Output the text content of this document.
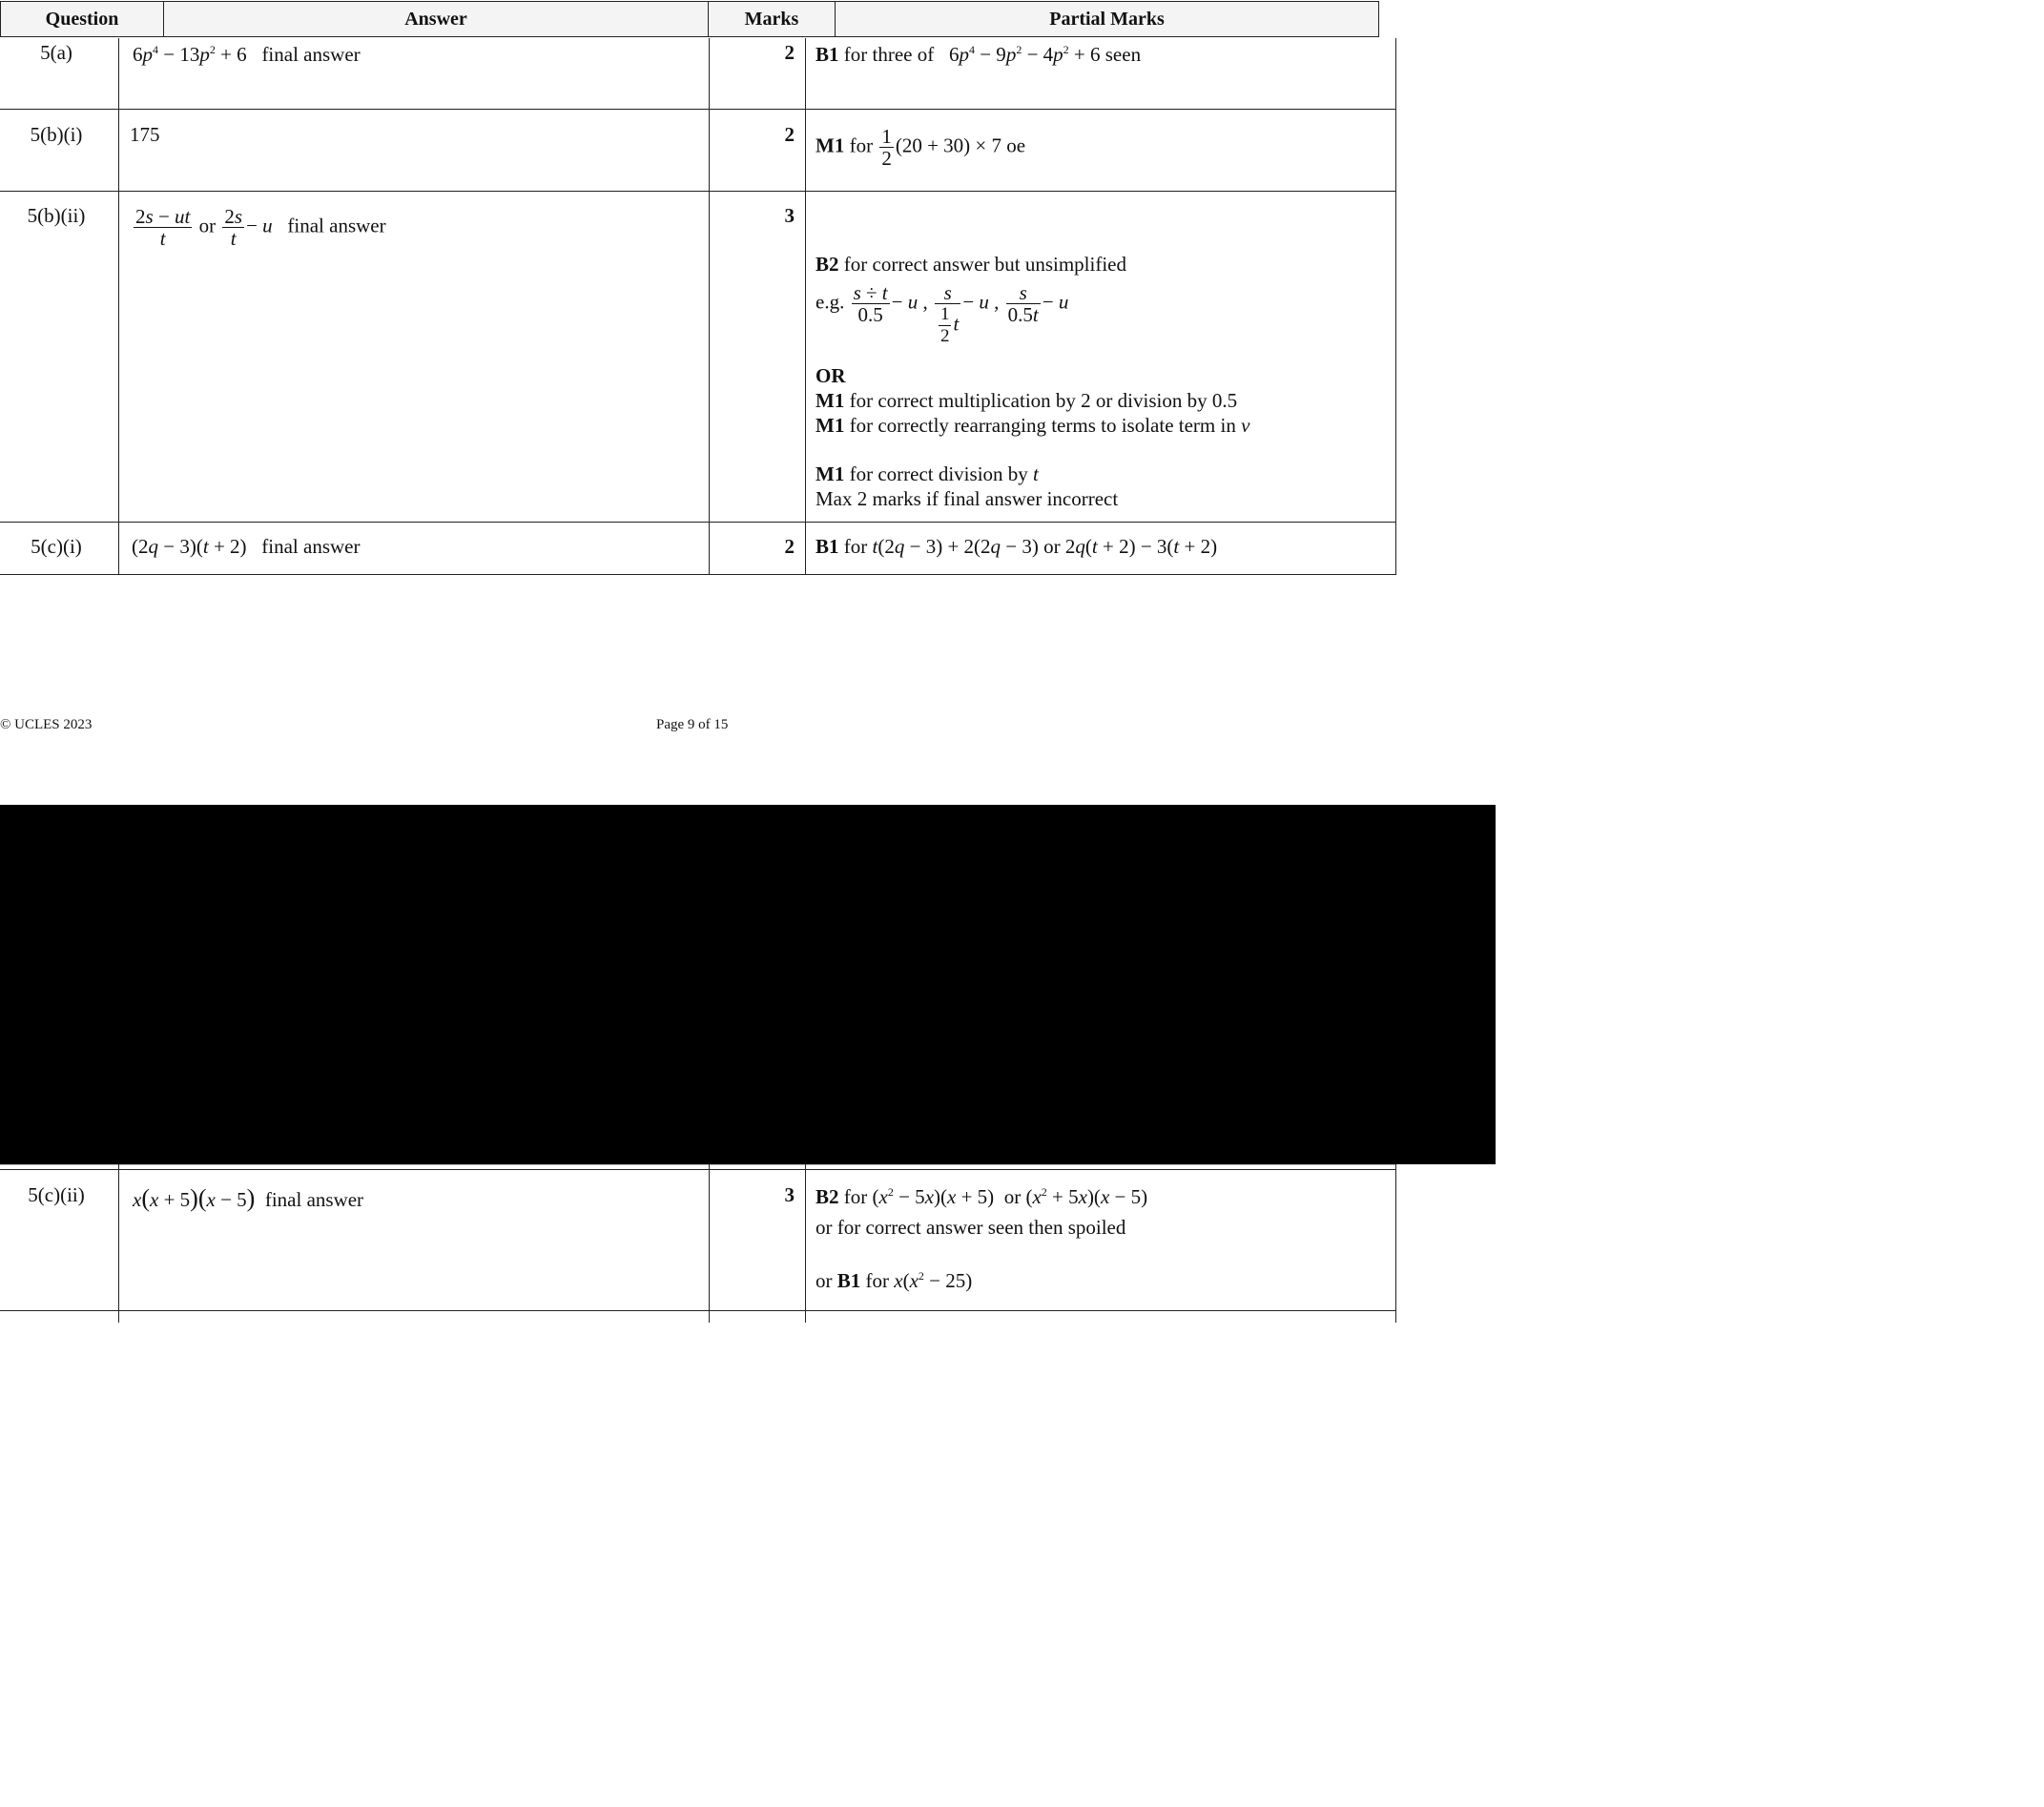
Question	Answer	Marks	Partial Marks
5(a)	$6p^4 - 13p^2 + 6$ final answer	2 B1 for three of $6p^4 - 9p^2 - 4p^2 + 6$ seen
5(b)(i)	175	2 M1 for $\frac{1}{2} (20 + 30) \times 7$ oe
5(b)(ii)	$\frac{2s - ut}{t}$ or $\frac{2s}{t} - u$ final answer	3
B2 for correct answer but unsimplified
e.g. $\frac{s \div t}{0.5} - u$ , $\frac{s}{\frac{1}{2} t} - u$ , $\frac{s}{0.5t} - u$
OR
M1 for correct multiplication by 2 or division by 0.5
M1 for correctly rearranging terms to isolate term in v
M1 for correct division by t
Max 2 marks if final answer incorrect
5(c)(i)	(2q − 3)(t + 2) final answer	2 B1 for t(2q − 3) + 2(2q − 3) or 2q(t + 2) − 3(t + 2)
© UCLES 2023	Page 9 of 15
5(c)(ii)	x(x + 5)(x − 5) final answer	3 B2 for $(x^2 - 5x)(x + 5)$ or $(x^2 + 5x)(x - 5)$
or for correct answer seen then spoiled
or B1 for $x(x^2 - 25)$
